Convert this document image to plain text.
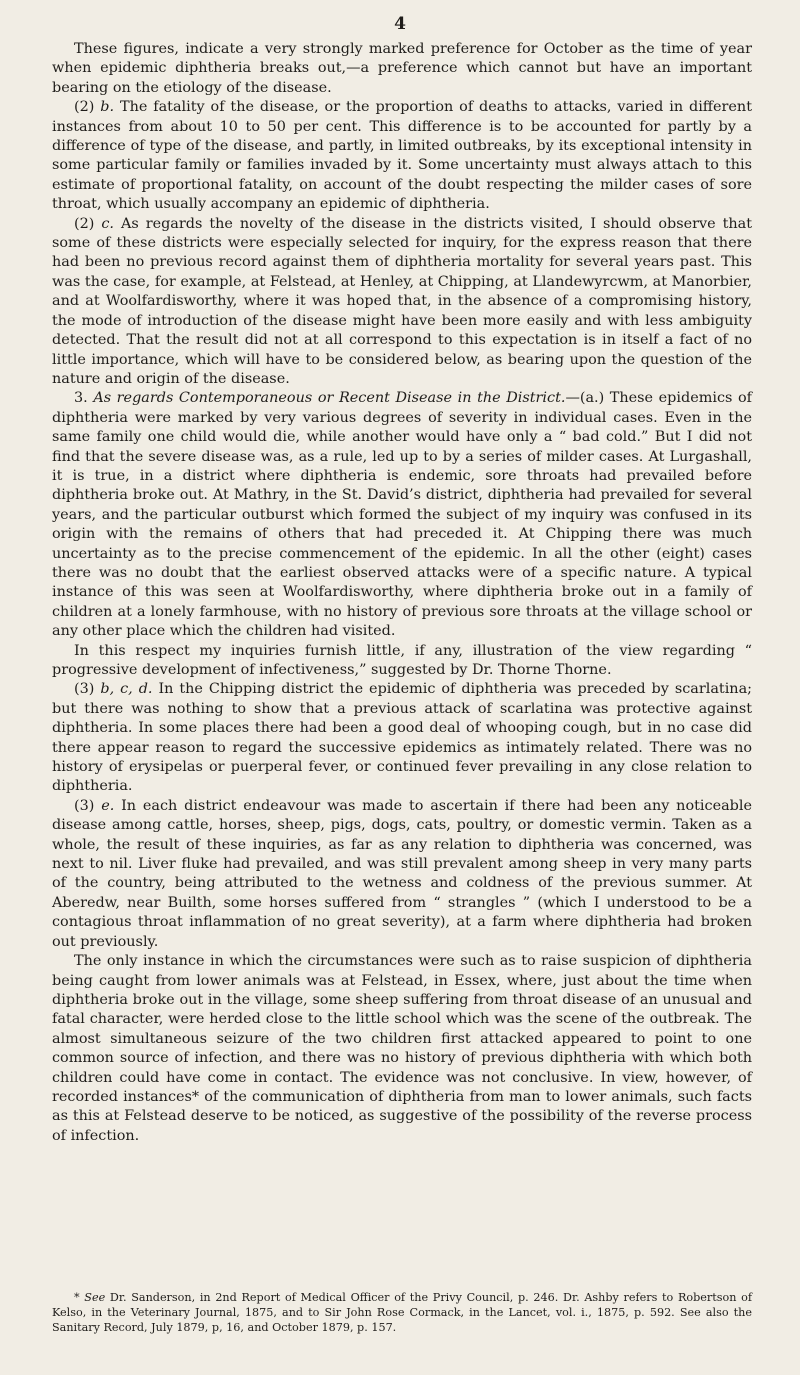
4

These figures, indicate a very strongly marked preference for October as the time of year when epidemic diphtheria breaks out,—a preference which cannot but have an important bearing on the etiology of the disease.

(2) b. The fatality of the disease, or the proportion of deaths to attacks, varied in different instances from about 10 to 50 per cent. This difference is to be accounted for partly by a difference of type of the disease, and partly, in limited outbreaks, by its exceptional intensity in some particular family or families invaded by it. Some uncertainty must always attach to this estimate of proportional fatality, on account of the doubt respecting the milder cases of sore throat, which usually accompany an epidemic of diphtheria.

(2) c. As regards the novelty of the disease in the districts visited, I should observe that some of these districts were especially selected for inquiry, for the express reason that there had been no previous record against them of diphtheria mortality for several years past. This was the case, for example, at Felstead, at Henley, at Chipping, at Llandewyrcwm, at Manorbier, and at Woolfardisworthy, where it was hoped that, in the absence of a compromising history, the mode of introduction of the disease might have been more easily and with less ambiguity detected. That the result did not at all correspond to this expectation is in itself a fact of no little importance, which will have to be considered below, as bearing upon the question of the nature and origin of the disease.

3. As regards Contemporaneous or Recent Disease in the District.—(a.) These epidemics of diphtheria were marked by very various degrees of severity in individual cases. Even in the same family one child would die, while another would have only a “ bad cold.” But I did not find that the severe disease was, as a rule, led up to by a series of milder cases. At Lurgashall, it is true, in a district where diphtheria is endemic, sore throats had prevailed before diphtheria broke out. At Mathry, in the St. David’s district, diphtheria had prevailed for several years, and the particular outburst which formed the subject of my inquiry was confused in its origin with the remains of others that had preceded it. At Chipping there was much uncertainty as to the precise commencement of the epidemic. In all the other (eight) cases there was no doubt that the earliest observed attacks were of a specific nature. A typical instance of this was seen at Woolfardisworthy, where diphtheria broke out in a family of children at a lonely farmhouse, with no history of previous sore throats at the village school or any other place which the children had visited.

In this respect my inquiries furnish little, if any, illustration of the view regarding “ progressive development of infectiveness,” suggested by Dr. Thorne Thorne.

(3) b, c, d. In the Chipping district the epidemic of diphtheria was preceded by scarlatina; but there was nothing to show that a previous attack of scarlatina was protective against diphtheria. In some places there had been a good deal of whooping cough, but in no case did there appear reason to regard the successive epidemics as intimately related. There was no history of erysipelas or puerperal fever, or continued fever prevailing in any close relation to diphtheria.

(3) e. In each district endeavour was made to ascertain if there had been any noticeable disease among cattle, horses, sheep, pigs, dogs, cats, poultry, or domestic vermin. Taken as a whole, the result of these inquiries, as far as any relation to diphtheria was concerned, was next to nil. Liver fluke had prevailed, and was still prevalent among sheep in very many parts of the country, being attributed to the wetness and coldness of the previous summer. At Aberedw, near Builth, some horses suffered from “ strangles ” (which I understood to be a contagious throat inflammation of no great severity), at a farm where diphtheria had broken out previously.

The only instance in which the circumstances were such as to raise suspicion of diphtheria being caught from lower animals was at Felstead, in Essex, where, just about the time when diphtheria broke out in the village, some sheep suffering from throat disease of an unusual and fatal character, were herded close to the little school which was the scene of the outbreak. The almost simultaneous seizure of the two children first attacked appeared to point to one common source of infection, and there was no history of previous diphtheria with which both children could have come in contact. The evidence was not conclusive. In view, however, of recorded instances* of the communication of diphtheria from man to lower animals, such facts as this at Felstead deserve to be noticed, as suggestive of the possibility of the reverse process of infection.

* See Dr. Sanderson, in 2nd Report of Medical Officer of the Privy Council, p. 246. Dr. Ashby refers to Robertson of Kelso, in the Veterinary Journal, 1875, and to Sir John Rose Cormack, in the Lancet, vol. i., 1875, p. 592. See also the Sanitary Record, July 1879, p, 16, and October 1879, p. 157.
